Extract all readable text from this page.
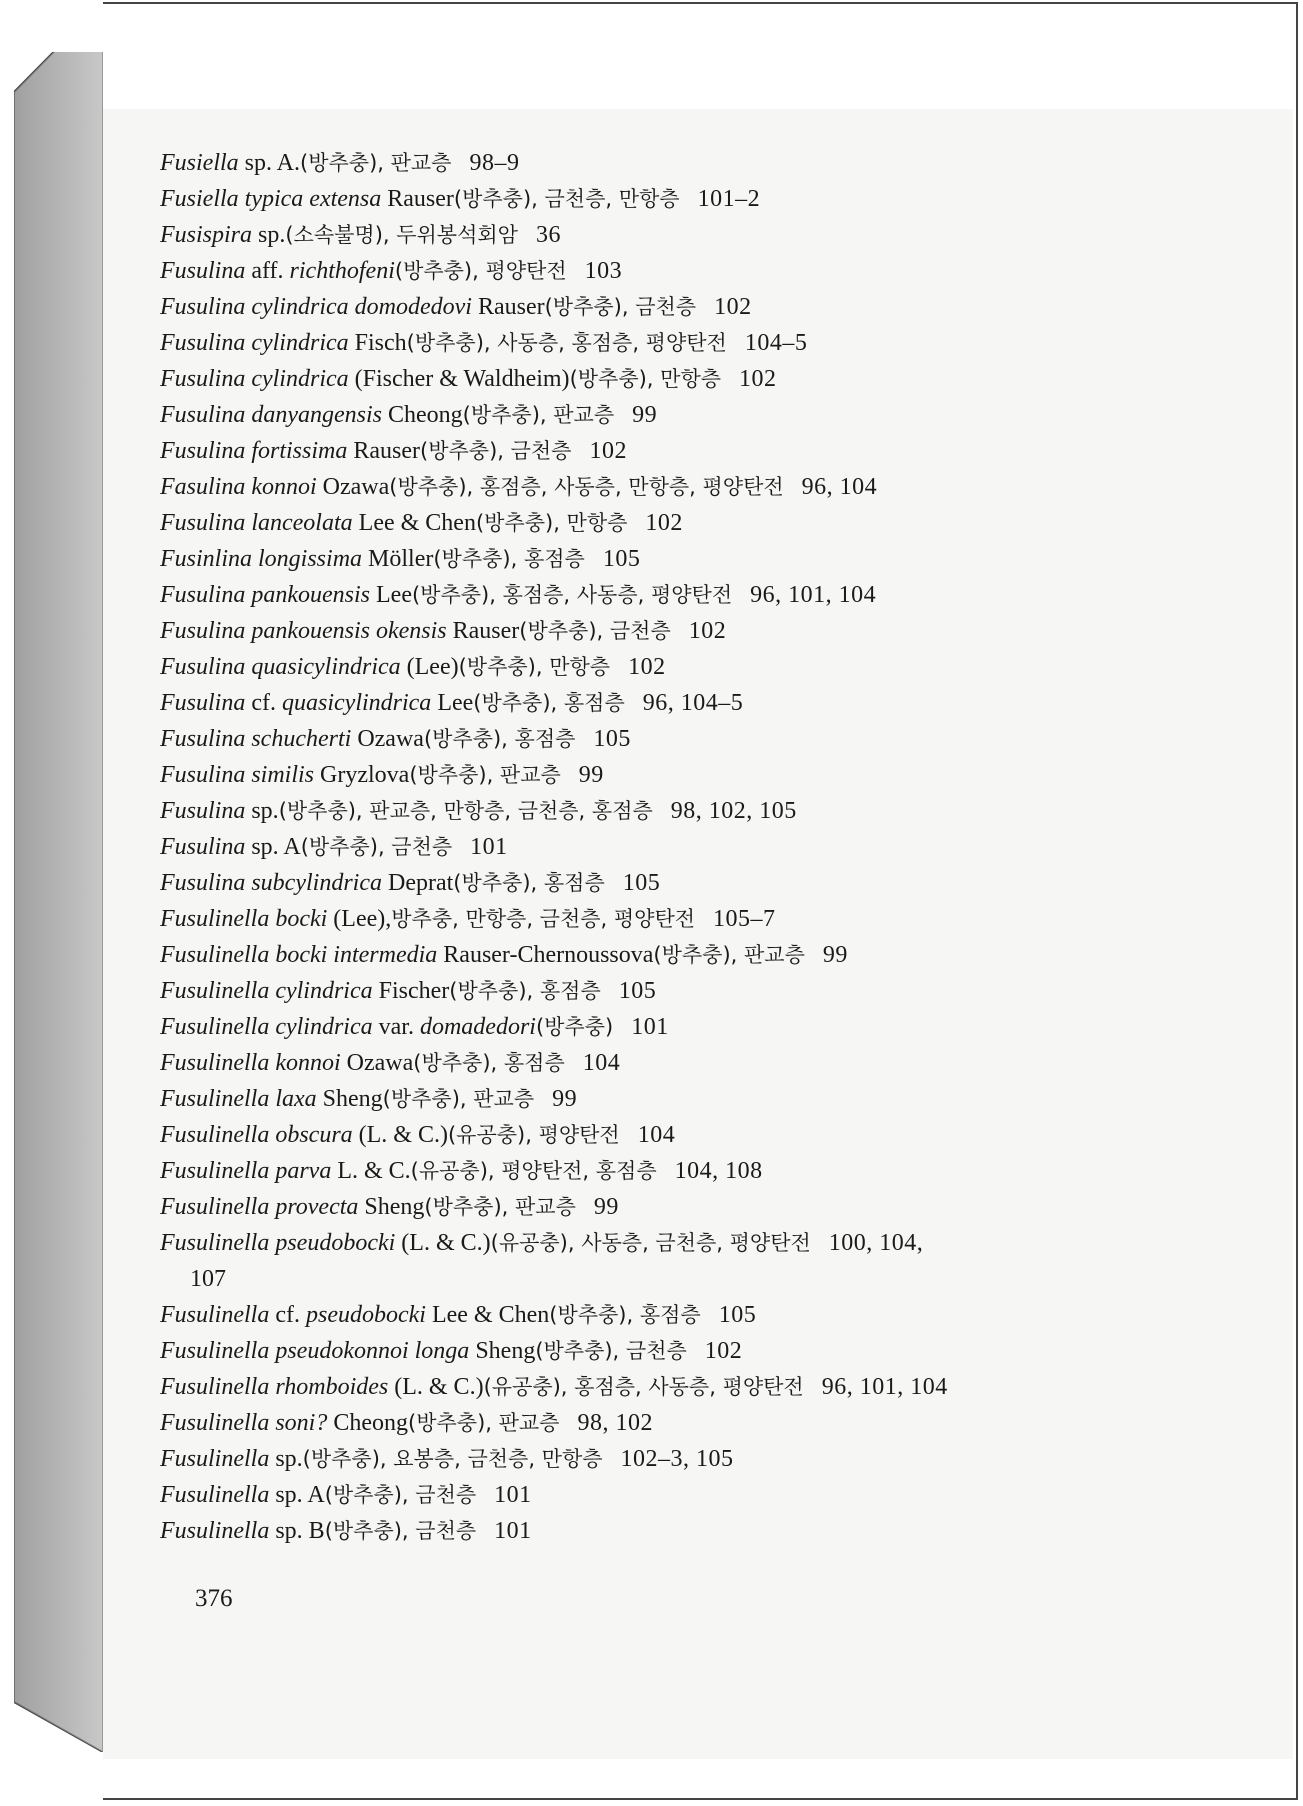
Fusiella sp. A.(방추충), 판교층 98–9
Fusiella typica extensa Rauser(방추충), 금천층, 만항층 101–2
Fusispira sp.(소속불명), 두위봉석회암 36
Fusulina aff. richthofeni(방추충), 평양탄전 103
Fusulina cylindrica domodedovi Rauser(방추충), 금천층 102
Fusulina cylindrica Fisch(방추충), 사동층, 홍점층, 평양탄전 104–5
Fusulina cylindrica (Fischer & Waldheim)(방추충), 만항층 102
Fusulina danyangensis Cheong(방추충), 판교층 99
Fusulina fortissima Rauser(방추충), 금천층 102
Fasulina konnoi Ozawa(방추충), 홍점층, 사동층, 만항층, 평양탄전 96, 104
Fusulina lanceolata Lee & Chen(방추충), 만항층 102
Fusinlina longissima Möller(방추충), 홍점층 105
Fusulina pankouensis Lee(방추충), 홍점층, 사동층, 평양탄전 96, 101, 104
Fusulina pankouensis okensis Rauser(방추충), 금천층 102
Fusulina quasicylindrica (Lee)(방추충), 만항층 102
Fusulina cf. quasicylindrica Lee(방추충), 홍점층 96, 104–5
Fusulina schucherti Ozawa(방추충), 홍점층 105
Fusulina similis Gryzlova(방추충), 판교층 99
Fusulina sp.(방추충), 판교층, 만항층, 금천층, 홍점층 98, 102, 105
Fusulina sp. A(방추충), 금천층 101
Fusulina subcylindrica Deprat(방추충), 홍점층 105
Fusulinella bocki (Lee),방추충, 만항층, 금천층, 평양탄전 105–7
Fusulinella bocki intermedia Rauser-Chernoussova(방추충), 판교층 99
Fusulinella cylindrica Fischer(방추충), 홍점층 105
Fusulinella cylindrica var. domadedori(방추충) 101
Fusulinella konnoi Ozawa(방추충), 홍점층 104
Fusulinella laxa Sheng(방추충), 판교층 99
Fusulinella obscura (L. & C.)(유공충), 평양탄전 104
Fusulinella parva L. & C.(유공충), 평양탄전, 홍점층 104, 108
Fusulinella provecta Sheng(방추충), 판교층 99
Fusulinella pseudobocki (L. & C.)(유공충), 사동층, 금천층, 평양탄전 100, 104,
107
Fusulinella cf. pseudobocki Lee & Chen(방추충), 홍점층 105
Fusulinella pseudokonnoi longa Sheng(방추충), 금천층 102
Fusulinella rhomboides (L. & C.)(유공충), 홍점층, 사동층, 평양탄전 96, 101, 104
Fusulinella soni? Cheong(방추충), 판교층 98, 102
Fusulinella sp.(방추충), 요봉층, 금천층, 만항층 102–3, 105
Fusulinella sp. A(방추충), 금천층 101
Fusulinella sp. B(방추충), 금천층 101
376
